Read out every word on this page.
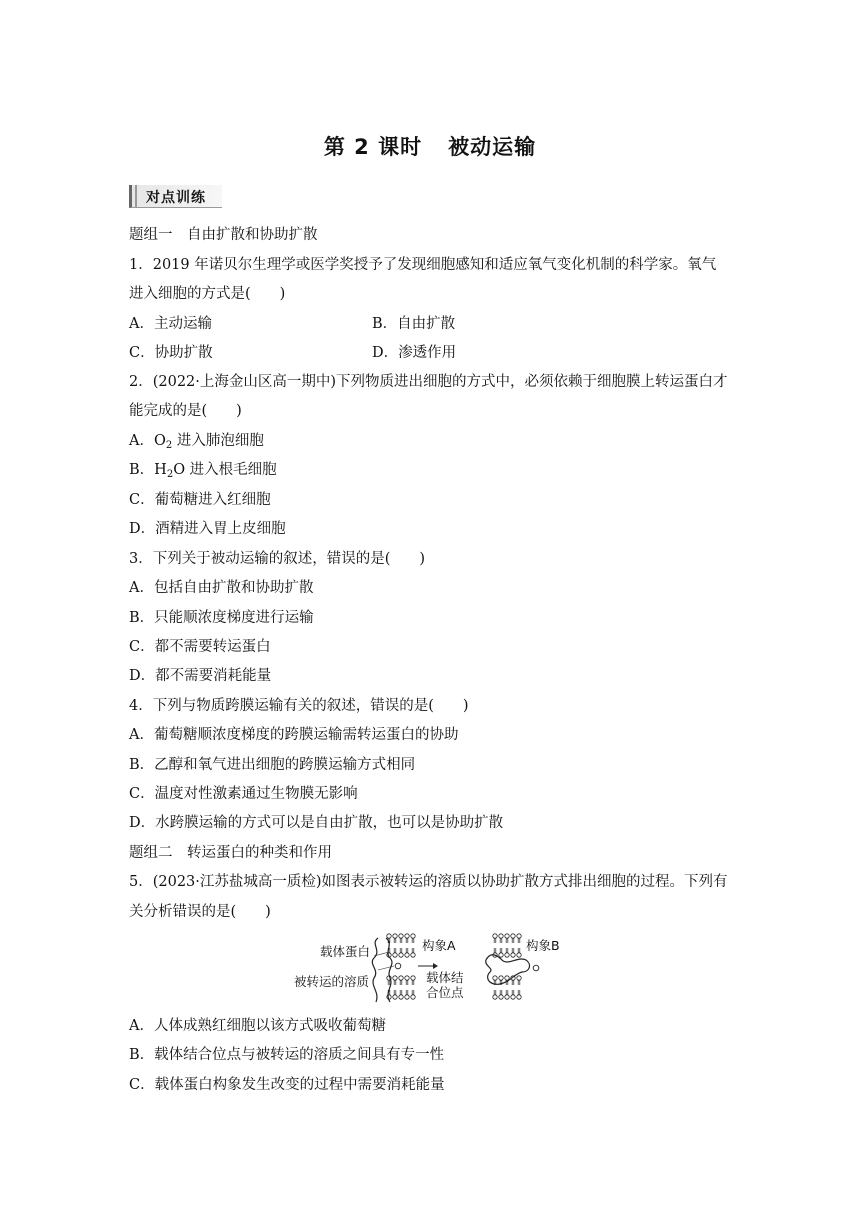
第 2 课时 被动运输
对点训练
题组一　自由扩散和协助扩散
1．2019 年诺贝尔生理学或医学奖授予了发现细胞感知和适应氧气变化机制的科学家。氧气
进入细胞的方式是(　　)
A．主动运输	B．自由扩散
C．协助扩散	D．渗透作用
2．(2022·上海金山区高一期中)下列物质进出细胞的方式中，必须依赖于细胞膜上转运蛋白才
能完成的是(　　)
A．$O_2$ 进入肺泡细胞
B．$H_2O$ 进入根毛细胞
C．葡萄糖进入红细胞
D．酒精进入胃上皮细胞
3．下列关于被动运输的叙述，错误的是(　　)
A．包括自由扩散和协助扩散
B．只能顺浓度梯度进行运输
C．都不需要转运蛋白
D．都不需要消耗能量
4．下列与物质跨膜运输有关的叙述，错误的是(　　)
A．葡萄糖顺浓度梯度的跨膜运输需转运蛋白的协助
B．乙醇和氧气进出细胞的跨膜运输方式相同
C．温度对性激素通过生物膜无影响
D．水跨膜运输的方式可以是自由扩散，也可以是协助扩散
题组二　转运蛋白的种类和作用
5．(2023·江苏盐城高一质检)如图表示被转运的溶质以协助扩散方式排出细胞的过程。下列有
关分析错误的是(　　)
载体蛋白	构象A	构象B
被转运的溶质	载体结
合位点
A．人体成熟红细胞以该方式吸收葡萄糖
B．载体结合位点与被转运的溶质之间具有专一性
C．载体蛋白构象发生改变的过程中需要消耗能量
